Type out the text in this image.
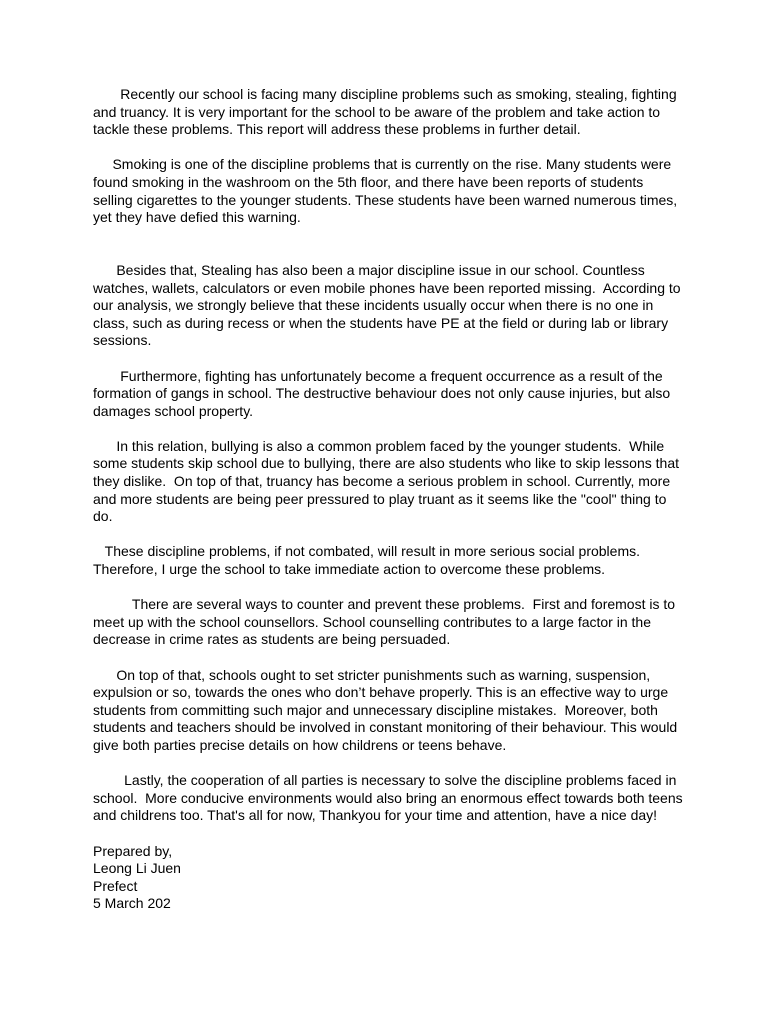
Recently our school is facing many discipline problems such as smoking, stealing, fighting and truancy. It is very important for the school to be aware of the problem and take action to tackle these problems. This report will address these problems in further detail.

Smoking is one of the discipline problems that is currently on the rise. Many students were found smoking in the washroom on the 5th floor, and there have been reports of students selling cigarettes to the younger students. These students have been warned numerous times, yet they have defied this warning.

Besides that, Stealing has also been a major discipline issue in our school. Countless watches, wallets, calculators or even mobile phones have been reported missing.  According to our analysis, we strongly believe that these incidents usually occur when there is no one in class, such as during recess or when the students have PE at the field or during lab or library sessions.

Furthermore, fighting has unfortunately become a frequent occurrence as a result of the formation of gangs in school. The destructive behaviour does not only cause injuries, but also damages school property.

In this relation, bullying is also a common problem faced by the younger students.  While some students skip school due to bullying, there are also students who like to skip lessons that they dislike.  On top of that, truancy has become a serious problem in school. Currently, more and more students are being peer pressured to play truant as it seems like the "cool" thing to do.

These discipline problems, if not combated, will result in more serious social problems. Therefore, I urge the school to take immediate action to overcome these problems.

There are several ways to counter and prevent these problems.  First and foremost is to meet up with the school counsellors. School counselling contributes to a large factor in the decrease in crime rates as students are being persuaded.

On top of that, schools ought to set stricter punishments such as warning, suspension, expulsion or so, towards the ones who don’t behave properly. This is an effective way to urge students from committing such major and unnecessary discipline mistakes.  Moreover, both students and teachers should be involved in constant monitoring of their behaviour. This would give both parties precise details on how childrens or teens behave.

Lastly, the cooperation of all parties is necessary to solve the discipline problems faced in school.  More conducive environments would also bring an enormous effect towards both teens and childrens too. That's all for now, Thankyou for your time and attention, have a nice day!

Prepared by,

Leong Li Juen

Prefect

5 March 202
